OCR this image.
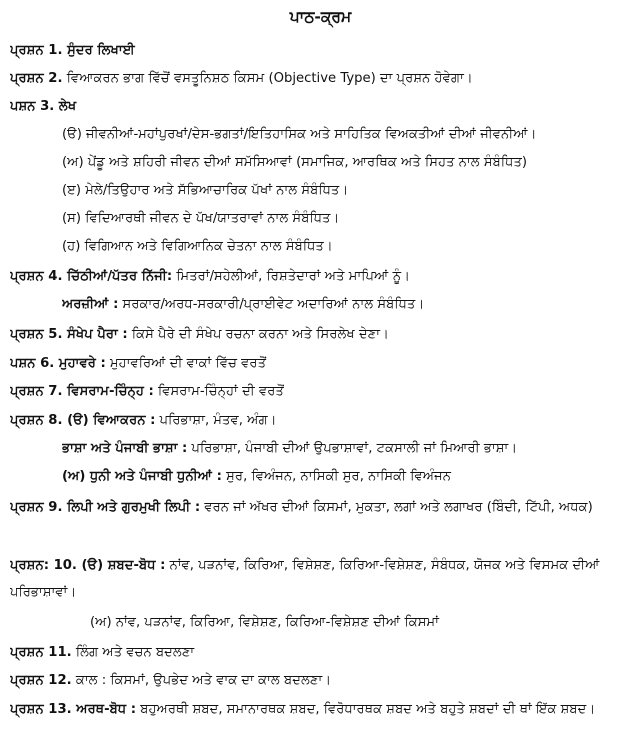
ਪਾਠ-ਕ੍ਰਮ
ਪ੍ਰਸ਼ਨ 1. ਸੁੰਦਰ ਲਿਖਾਈ
ਪ੍ਰਸ਼ਨ 2. ਵਿਆਕਰਨ ਭਾਗ ਵਿੱਚੋਂ ਵਸਤੂਨਿਸ਼ਠ ਕਿਸਮ (Objective Type) ਦਾ ਪ੍ਰਸ਼ਨ ਹੋਵੇਗਾ।
ਪਸ਼ਨ 3. ਲੇਖ
(ੳ) ਜੀਵਨੀਆਂ-ਮਹਾਂਪੁਰਖਾਂ/ਦੇਸ-ਭਗਤਾਂ/ਇਤਿਹਾਸਿਕ ਅਤੇ ਸਾਹਿਤਿਕ ਵਿਅਕਤੀਆਂ ਦੀਆਂ ਜੀਵਨੀਆਂ।
(ਅ) ਪੇਂਡੂ ਅਤੇ ਸ਼ਹਿਰੀ ਜੀਵਨ ਦੀਆਂ ਸਮੱਸਿਆਵਾਂ (ਸਮਾਜਿਕ, ਆਰਥਿਕ ਅਤੇ ਸਿਹਤ ਨਾਲ ਸੰਬੰਧਿਤ)
(ੲ) ਮੇਲੇ/ਤਿਉਹਾਰ ਅਤੇ ਸੱਭਿਆਚਾਰਿਕ ਪੱਖਾਂ ਨਾਲ ਸੰਬੰਧਿਤ।
(ਸ) ਵਿਦਿਆਰਥੀ ਜੀਵਨ ਦੇ ਪੱਖ/ਯਾਤਰਾਵਾਂ ਨਾਲ ਸੰਬੰਧਿਤ।
(ਹ) ਵਿਗਿਆਨ ਅਤੇ ਵਿਗਿਆਨਿਕ ਚੇਤਨਾ ਨਾਲ ਸੰਬੰਧਿਤ।
ਪ੍ਰਸ਼ਨ 4. ਚਿੱਠੀਆਂ/ਪੱਤਰ ਨਿੱਜੀ: ਮਿਤਰਾਂ/ਸਹੇਲੀਆਂ, ਰਿਸ਼ਤੇਦਾਰਾਂ ਅਤੇ ਮਾਪਿਆਂ ਨੂੰ।
ਅਰਜ਼ੀਆਂ : ਸਰਕਾਰ/ਅਰਧ-ਸਰਕਾਰੀ/ਪ੍ਰਾਈਵੇਟ ਅਦਾਰਿਆਂ ਨਾਲ ਸੰਬੰਧਿਤ।
ਪ੍ਰਸ਼ਨ 5. ਸੰਖੇਪ ਪੈਰਾ : ਕਿਸੇ ਪੈਰੇ ਦੀ ਸੰਖੇਪ ਰਚਨਾ ਕਰਨਾ ਅਤੇ ਸਿਰਲੇਖ ਦੇਣਾ।
ਪਸ਼ਨ 6. ਮੁਹਾਵਰੇ : ਮੁਹਾਵਰਿਆਂ ਦੀ ਵਾਕਾਂ ਵਿੱਚ ਵਰਤੋਂ
ਪ੍ਰਸ਼ਨ 7. ਵਿਸਰਾਮ-ਚਿੰਨ੍ਹ : ਵਿਸਰਾਮ-ਚਿੰਨ੍ਹਾਂ ਦੀ ਵਰਤੋਂ
ਪ੍ਰਸ਼ਨ 8. (ੳ) ਵਿਆਕਰਨ : ਪਰਿਭਾਸ਼ਾ, ਮੰਤਵ, ਅੰਗ।
ਭਾਸ਼ਾ ਅਤੇ ਪੰਜਾਬੀ ਭਾਸ਼ਾ : ਪਰਿਭਾਸ਼ਾ, ਪੰਜਾਬੀ ਦੀਆਂ ਉਪਭਾਸ਼ਾਵਾਂ, ਟਕਸਾਲੀ ਜਾਂ ਮਿਆਰੀ ਭਾਸ਼ਾ।
(ਅ) ਧੁਨੀ ਅਤੇ ਪੰਜਾਬੀ ਧੁਨੀਆਂ : ਸੁਰ, ਵਿਅੰਜਨ, ਨਾਸਿਕੀ ਸੁਰ, ਨਾਸਿਕੀ ਵਿਅੰਜਨ
ਪ੍ਰਸ਼ਨ 9. ਲਿਪੀ ਅਤੇ ਗੁਰਮੁਖੀ ਲਿਪੀ : ਵਰਨ ਜਾਂ ਅੱਖਰ ਦੀਆਂ ਕਿਸਮਾਂ, ਮੁਕਤਾ, ਲਗਾਂ ਅਤੇ ਲਗਾਖਰ (ਬਿੰਦੀ, ਟਿੱਪੀ, ਅਧਕ)
ਪ੍ਰਸ਼ਨ: 10. (ੳ) ਸ਼ਬਦ-ਬੋਧ : ਨਾਂਵ, ਪੜਨਾਂਵ, ਕਿਰਿਆ, ਵਿਸ਼ੇਸ਼ਣ, ਕਿਰਿਆ-ਵਿਸ਼ੇਸ਼ਣ, ਸੰਬੰਧਕ, ਯੋਜਕ ਅਤੇ ਵਿਸਮਕ ਦੀਆਂ ਪਰਿਭਾਸ਼ਾਵਾਂ।
(ਅ) ਨਾਂਵ, ਪੜਨਾਂਵ, ਕਿਰਿਆ, ਵਿਸ਼ੇਸ਼ਣ, ਕਿਰਿਆ-ਵਿਸ਼ੇਸ਼ਣ ਦੀਆਂ ਕਿਸਮਾਂ
ਪ੍ਰਸ਼ਨ 11. ਲਿੰਗ ਅਤੇ ਵਚਨ ਬਦਲਣਾ
ਪ੍ਰਸ਼ਨ 12. ਕਾਲ : ਕਿਸਮਾਂ, ਉਪਭੇਦ ਅਤੇ ਵਾਕ ਦਾ ਕਾਲ ਬਦਲਣਾ।
ਪ੍ਰਸ਼ਨ 13. ਅਰਥ-ਬੋਧ : ਬਹੁਅਰਥੀ ਸ਼ਬਦ, ਸਮਾਨਾਰਥਕ ਸ਼ਬਦ, ਵਿਰੋਧਾਰਥਕ ਸ਼ਬਦ ਅਤੇ ਬਹੁਤੇ ਸ਼ਬਦਾਂ ਦੀ ਥਾਂ ਇੱਕ ਸ਼ਬਦ।
